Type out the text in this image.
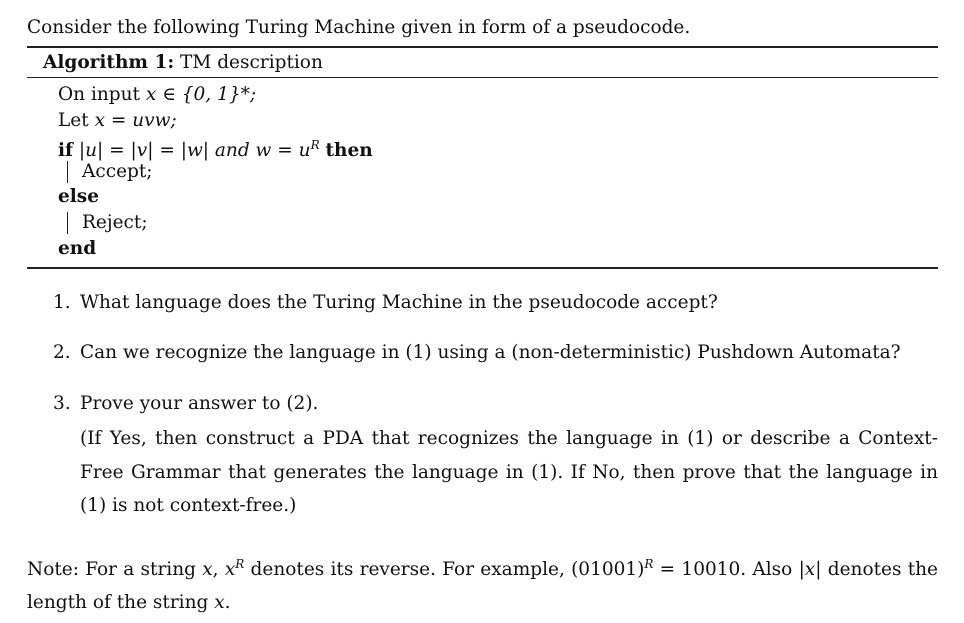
Consider the following Turing Machine given in form of a pseudocode.
Algorithm 1: TM description
On input x ∈ {0, 1}*;
Let x = uvw;
if |u| = |v| = |w| and $w = u^R$ then
Accept;
else
Reject;
end
1. What language does the Turing Machine in the pseudocode accept?
2. Can we recognize the language in (1) using a (non-deterministic) Pushdown Automata?
3. Prove your answer to (2).
(If Yes, then construct a PDA that recognizes the language in (1) or describe a Context-Free Grammar that generates the language in (1). If No, then prove that the language in (1) is not context-free.)
Note: For a string x, $x^R$ denotes its reverse. For example, $(01001)^R = 10010$. Also |x| denotes the length of the string x.
